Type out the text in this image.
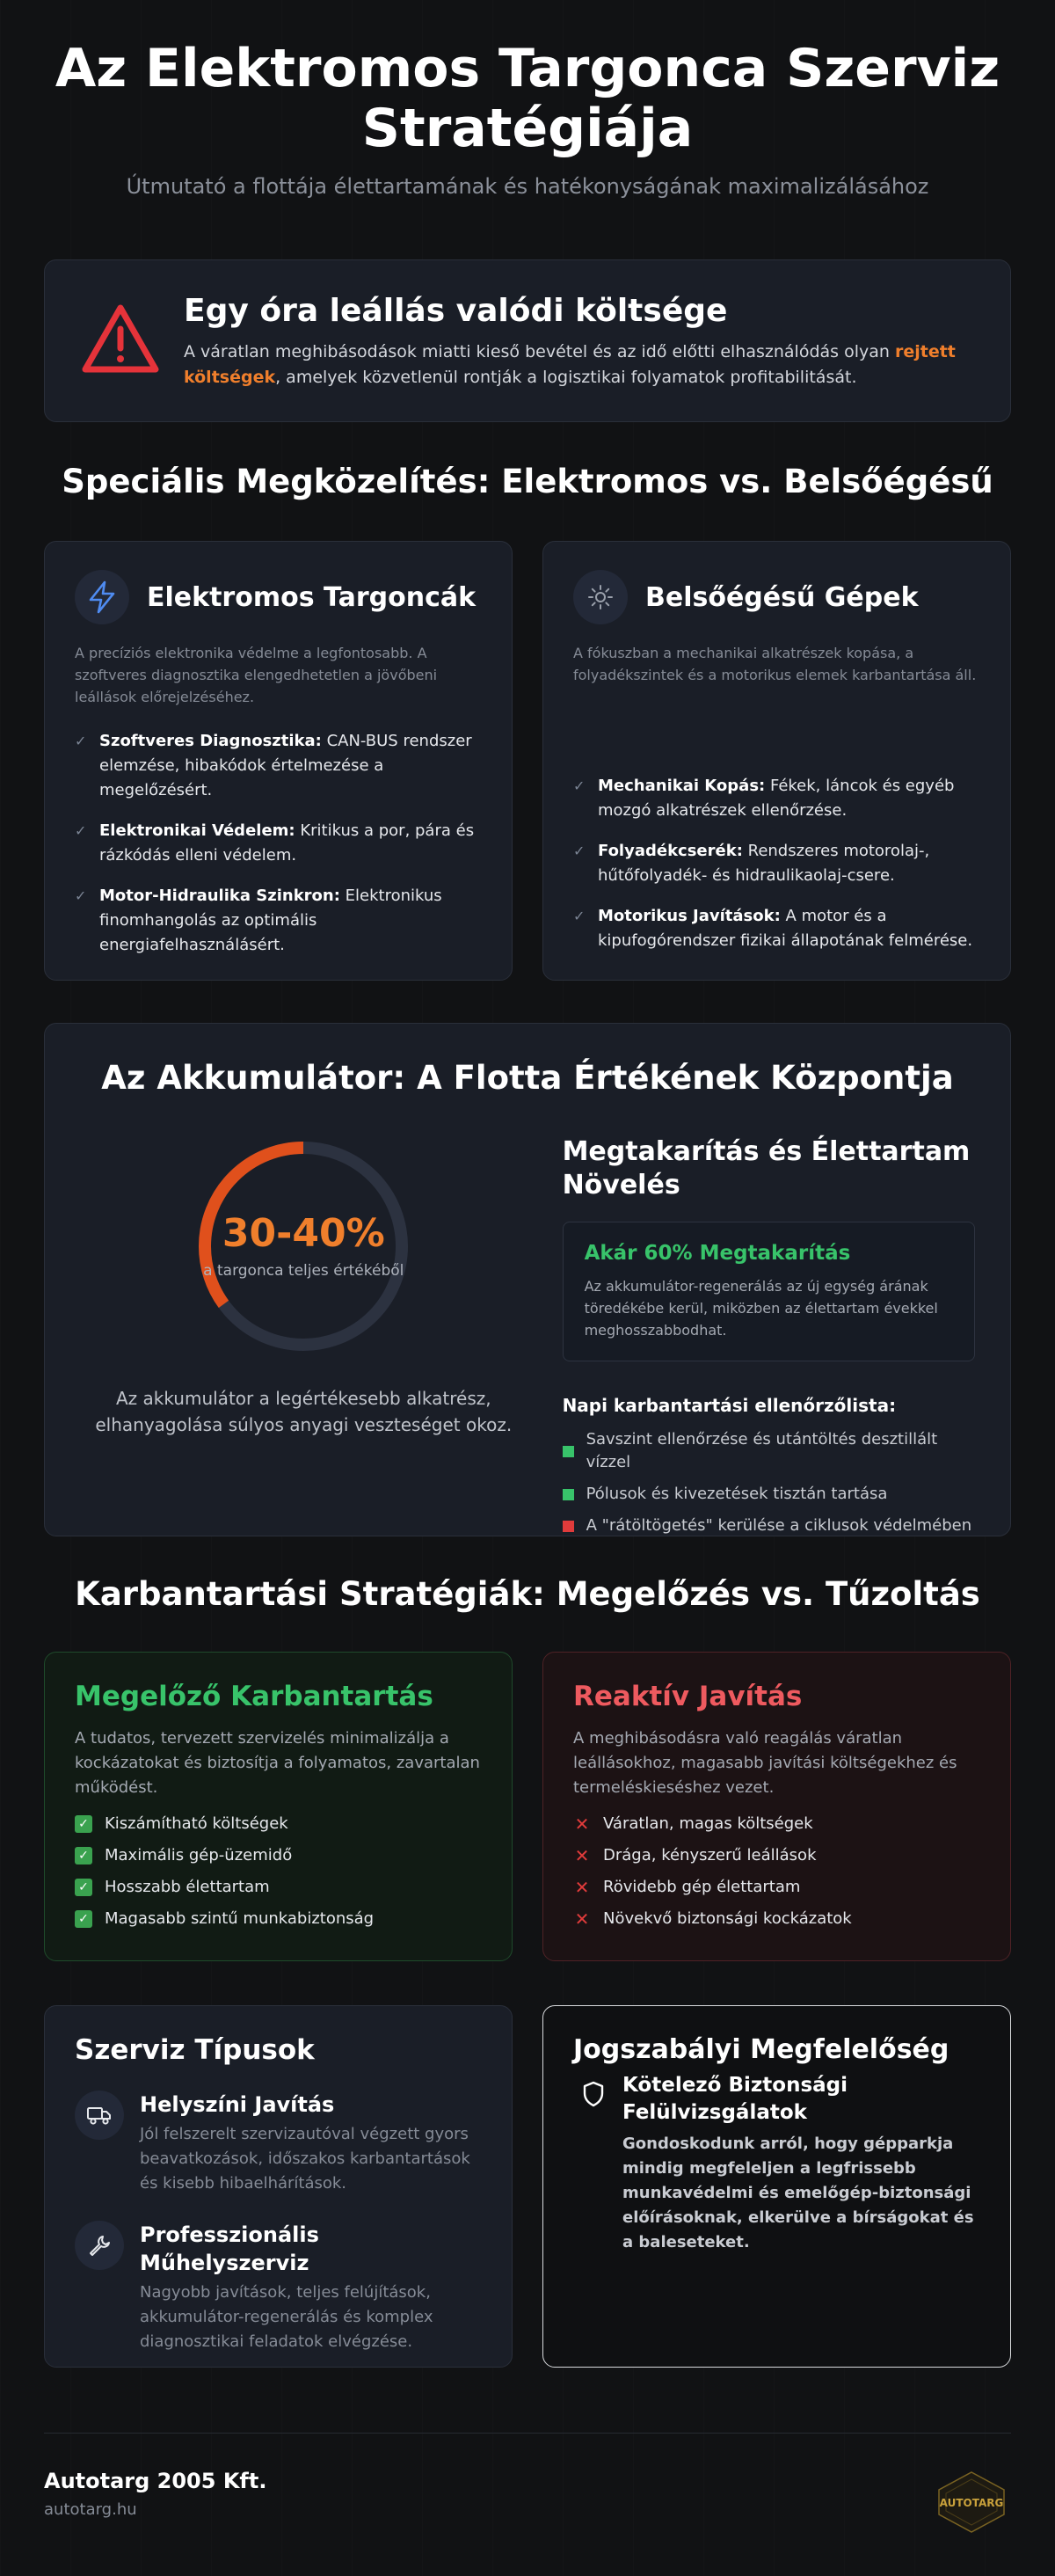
Az Elektromos Targonca Szerviz Stratégiája

Útmutató a flottája élettartamának és hatékonyságának maximalizálásához

Egy óra leállás valódi költsége

A váratlan meghibásodások miatti kieső bevétel és az idő előtti elhasználódás olyan rejtett költségek, amelyek közvetlenül rontják a logisztikai folyamatok profitabilitását.

Speciális Megközelítés: Elektromos vs. Belsőégésű
Elektromos Targoncák

A precíziós elektronika védelme a legfontosabb. A szoftveres diagnosztika elengedhetetlen a jövőbeni leállások előrejelzéséhez.

✓ Szoftveres Diagnosztika: CAN-BUS rendszer elemzése, hibakódok értelmezése a megelőzésért.
✓ Elektronikai Védelem: Kritikus a por, pára és rázkódás elleni védelem.
✓ Motor-Hidraulika Szinkron: Elektronikus finomhangolás az optimális energiafelhasználásért.
Belsőégésű Gépek

A fókuszban a mechanikai alkatrészek kopása, a folyadékszintek és a motorikus elemek karbantartása áll.

✓ Mechanikai Kopás: Fékek, láncok és egyéb mozgó alkatrészek ellenőrzése.
✓ Folyadékcserék: Rendszeres motorolaj-, hűtőfolyadék- és hidraulikaolaj-csere.
✓ Motorikus Javítások: A motor és a kipufogórendszer fizikai állapotának felmérése.
Az Akkumulátor: A Flotta Értékének Központja
30-40%
a targonca teljes értékéből

Az akkumulátor a legértékesebb alkatrész, elhanyagolása súlyos anyagi veszteséget okoz.

Megtakarítás és Élettartam Növelés
Akár 60% Megtakarítás

Az akkumulátor-regenerálás az új egység árának töredékébe kerül, miközben az élettartam évekkel meghosszabbodhat.

Napi karbantartási ellenőrzőlista:
Savszint ellenőrzése és utántöltés desztillált vízzel
Pólusok és kivezetések tisztán tartása
A "rátöltögetés" kerülése a ciklusok védelmében
Karbantartási Stratégiák: Megelőzés vs. Tűzoltás
Megelőző Karbantartás

A tudatos, tervezett szervizelés minimalizálja a kockázatokat és biztosítja a folyamatos, zavartalan működést.

✓ Kiszámítható költségek
✓ Maximális gép-üzemidő
✓ Hosszabb élettartam
✓ Magasabb szintű munkabiztonság
Reaktív Javítás

A meghibásodásra való reagálás váratlan leállásokhoz, magasabb javítási költségekhez és termeléskieséshez vezet.

✕ Váratlan, magas költségek
✕ Drága, kényszerű leállások
✕ Rövidebb gép élettartam
✕ Növekvő biztonsági kockázatok
Szerviz Típusok
Helyszíni Javítás

Jól felszerelt szervizautóval végzett gyors beavatkozások, időszakos karbantartások és kisebb hibaelhárítások.

Professzionális Műhelyszerviz

Nagyobb javítások, teljes felújítások, akkumulátor-regenerálás és komplex diagnosztikai feladatok elvégzése.

Jogszabályi Megfelelőség
Kötelező Biztonsági Felülvizsgálatok

Gondoskodunk arról, hogy gépparkja mindig megfeleljen a legfrissebb munkavédelmi és emelőgép-biztonsági előírásoknak, elkerülve a bírságokat és a baleseteket.

Autotarg 2005 Kft.
autotarg.hu	AUTOTARG
